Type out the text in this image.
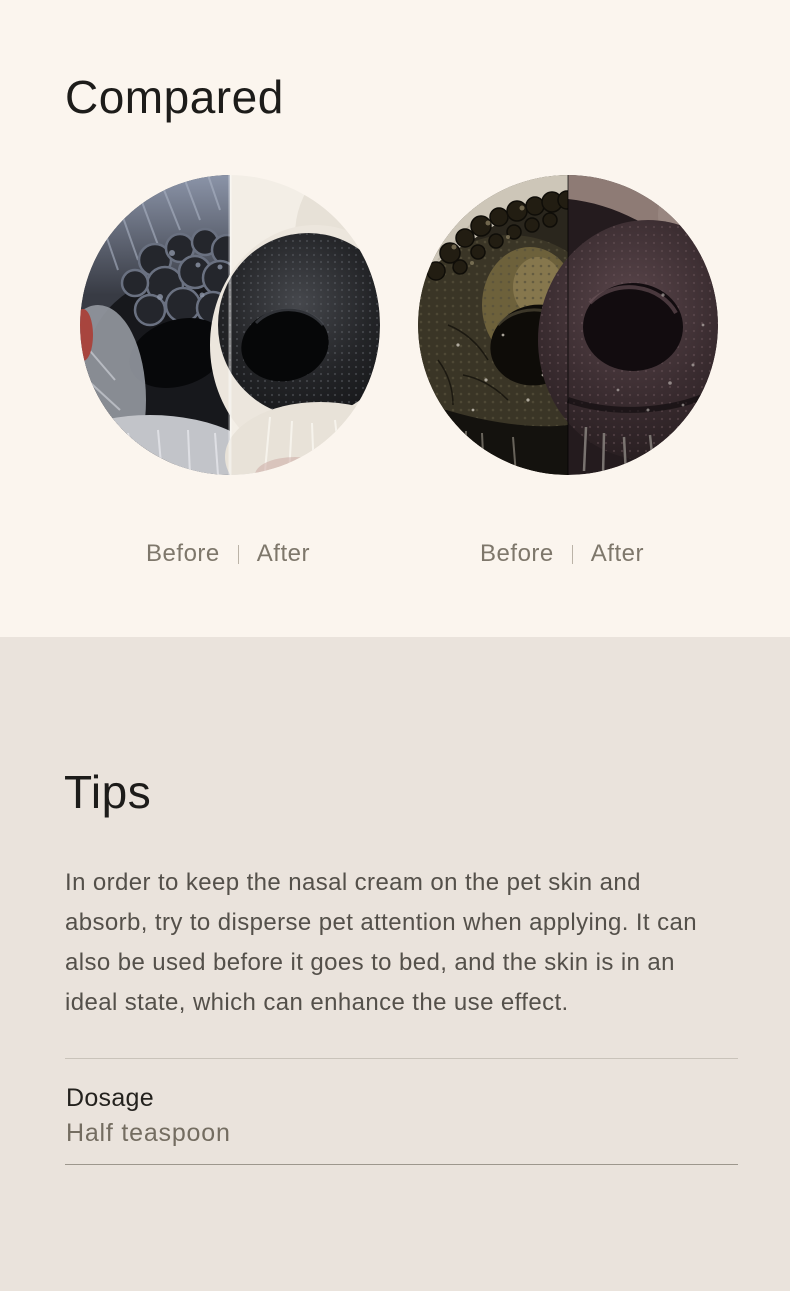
Compared
Before After	Before After
Tips

In order to keep the nasal cream on the pet skin and
absorb, try to disperse pet attention when applying. It can
also be used before it goes to bed, and the skin is in an
ideal state, which can enhance the use effect.

Dosage
Half teaspoon
